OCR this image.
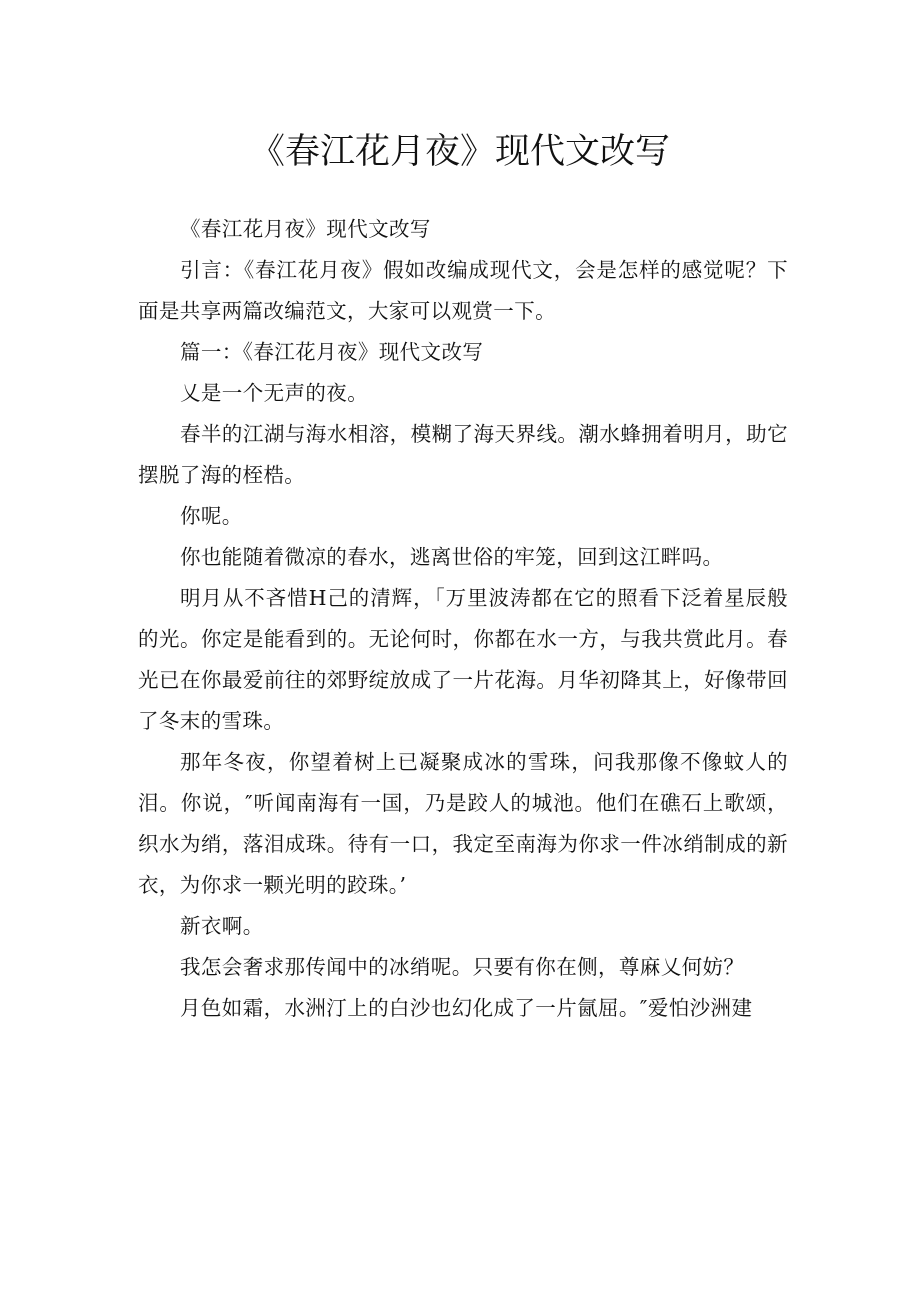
《春江花月夜》现代文改写

《春江花月夜》现代文改写

引言：《春江花月夜》假如改编成现代文，会是怎样的感觉呢？下面是共享两篇改编范文，大家可以观赏一下。

篇一：《春江花月夜》现代文改写

乂是一个无声的夜。

春半的江湖与海水相溶，模糊了海天界线。潮水蜂拥着明月，助它摆脱了海的桎梏。

你呢。

你也能随着微凉的春水，逃离世俗的牢笼，回到这江畔吗。

明月从不吝惜H己的清辉，「万里波涛都在它的照看下泛着星辰般的光。你定是能看到的。无论何时，你都在水一方，与我共赏此月。春光已在你最爱前往的郊野绽放成了一片花海。月华初降其上，好像带回了冬末的雪珠。

那年冬夜，你望着树上已凝聚成冰的雪珠，问我那像不像蚊人的泪。你说，″听闻南海有一国，乃是跤人的城池。他们在礁石上歌颂，织水为绡，落泪成珠。待有一口，我定至南海为你求一件冰绡制成的新衣，为你求一颗光明的跤珠。’

新衣啊。

我怎会奢求那传闻中的冰绡呢。只要有你在侧，尊麻乂何妨？

月色如霜，水洲汀上的白沙也幻化成了一片氤屈。″爱怕沙洲建
